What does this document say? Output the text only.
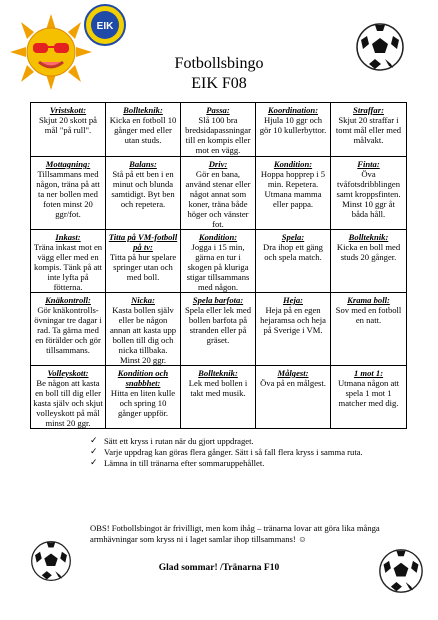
EIK
Fotbollsbingo
EIK F08
Vristskott:
Skjut 20 skott på mål "på rull".
Bollteknik:
Kicka en fotboll 10 gånger med eller utan studs.
Passa:
Slå 100 bra bredsidapassningar till en kompis eller mot en vägg.
Koordination:
Hjula 10 ggr och gör 10 kullerbyttor.
Straffar:
Skjut 20 straffar i tomt mål eller med målvakt.
Mottagning:
Tillsammans med någon, träna på att ta ner bollen med foten minst 20 ggr/fot.
Balans:
Stå på ett ben i en minut och blunda samtidigt. Byt ben och repetera.
Driv:
Gör en bana, använd stenar eller något annat som koner, träna både höger och vänster fot.
Kondition:
Hoppa hopprep i 5 min. Repetera. Utmana mamma eller pappa.
Finta:
Öva tvåfotsdribblingen samt kroppsfinten. Minst 10 ggr åt båda håll.
Inkast:
Träna inkast mot en vägg eller med en kompis. Tänk på att inte lyfta på fötterna.
Titta på VM-fotboll på tv:
Titta på hur spelare springer utan och med boll.
Kondition:
Jogga i 15 min, gärna en tur i skogen på kluriga stigar tillsammans med någon.
Spela:
Dra ihop ett gäng och spela match.
Bollteknik:
Kicka en boll med studs 20 gånger.
Knäkontroll:
Gör knäkontrolls-övningar tre dagar i rad. Ta gärna med en förälder och gör tillsammans.
Nicka:
Kasta bollen själv eller be någon annan att kasta upp bollen till dig och nicka tillbaka. Minst 20 ggr.
Spela barfota:
Spela eller lek med bollen barfota på stranden eller på gräset.
Heja:
Heja på en egen hejaramsa och heja på Sverige i VM.
Krama boll:
Sov med en fotboll en natt.
Volleyskott:
Be någon att kasta en boll till dig eller kasta själv och skjut volleyskott på mål minst 20 ggr.
Kondition och snabbhet:
Hitta en liten kulle och spring 10 gånger uppför.
Bollteknik:
Lek med bollen i takt med musik.
Målgest:
Öva på en målgest.
1 mot 1:
Utmana någon att spela 1 mot 1 matcher med dig.
✓ Sätt ett kryss i rutan när du gjort uppdraget.
✓ Varje uppdrag kan göras flera gånger. Sätt i så fall flera kryss i samma ruta.
✓ Lämna in till tränarna efter sommaruppehållet.
OBS! Fotbollsbingot är frivilligt, men kom ihåg – tränarna lovar att göra lika många armhävningar som kryss ni i laget samlar ihop tillsammans! ☺
Glad sommar! /Tränarna F10
